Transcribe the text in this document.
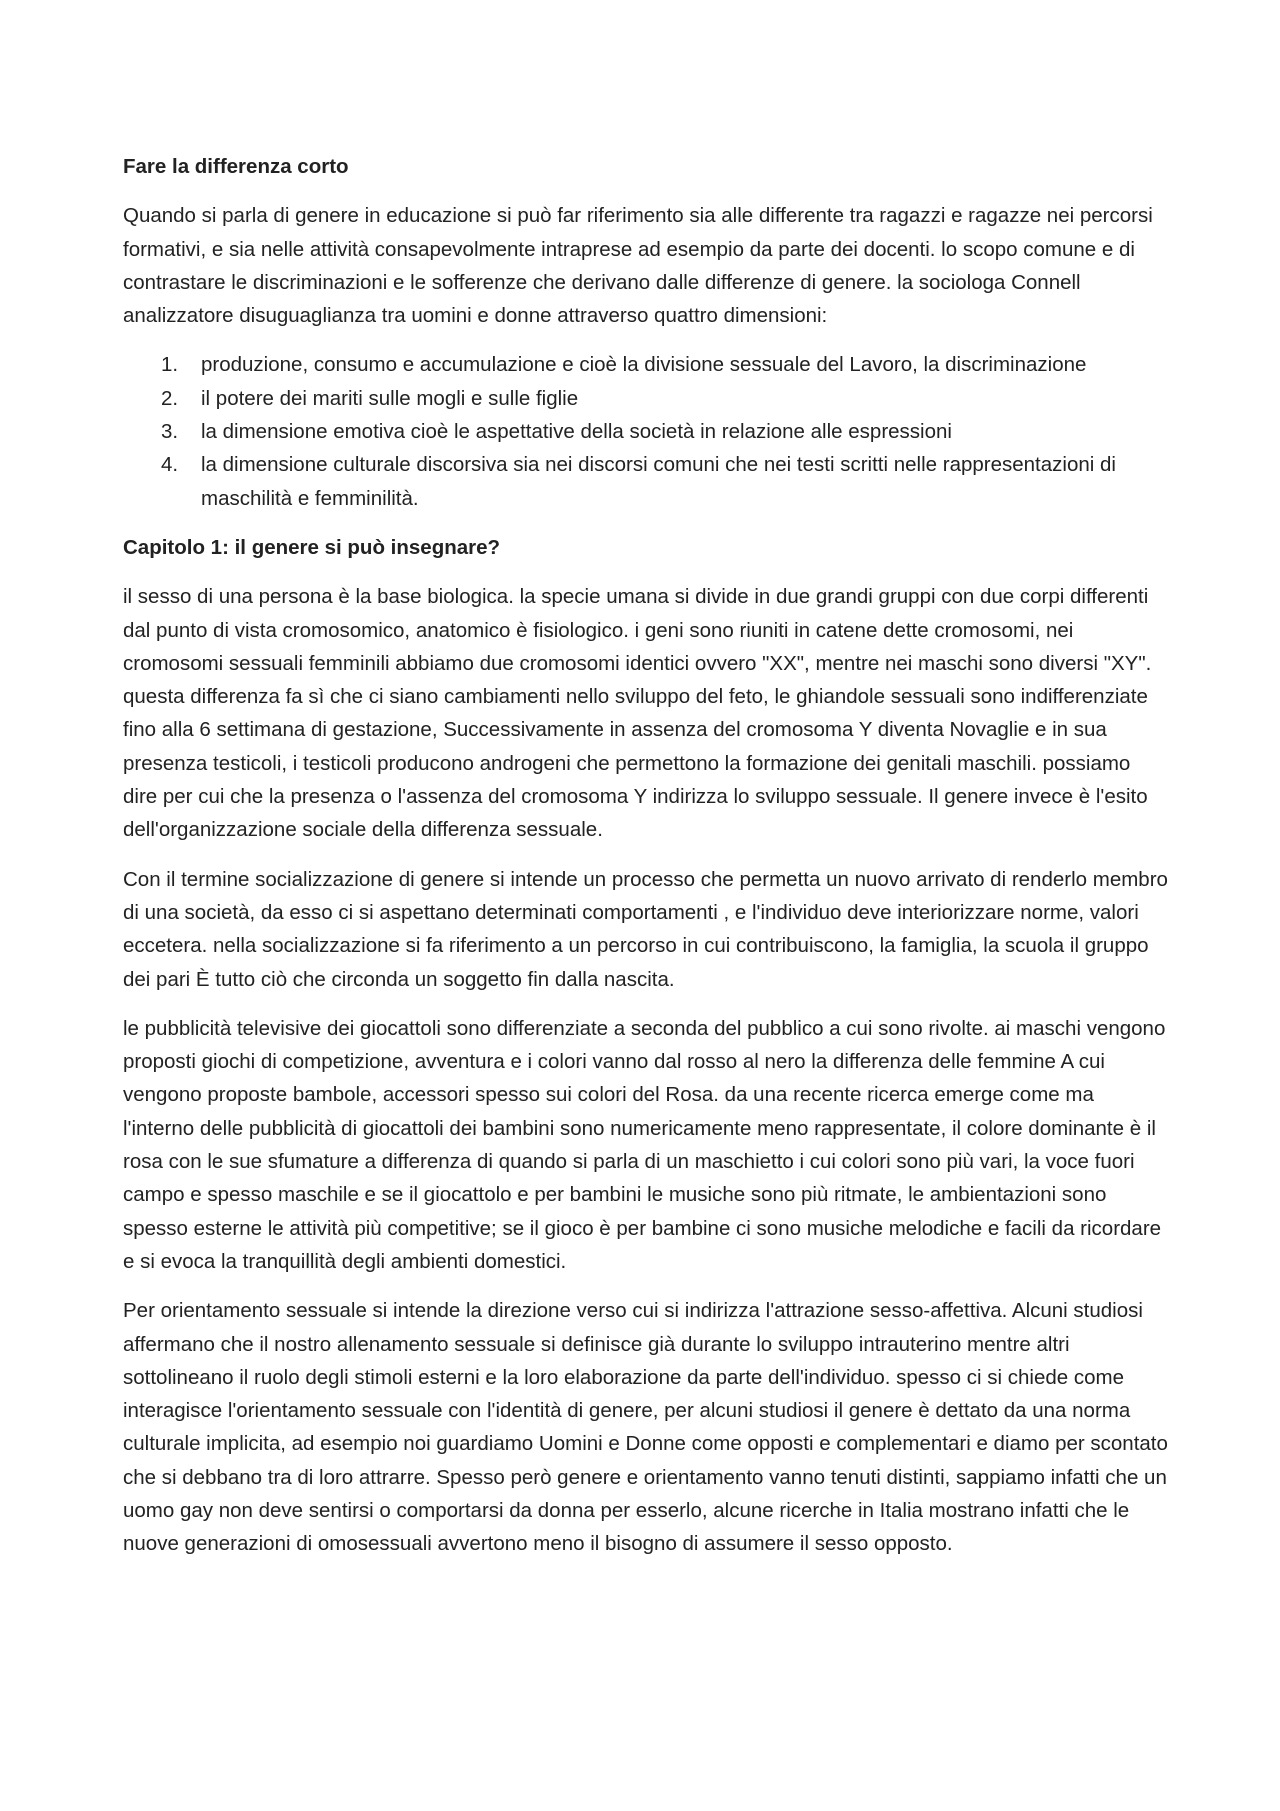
Fare la differenza corto

Quando si parla di genere in educazione si può far riferimento sia alle differente tra ragazzi e ragazze nei percorsi formativi, e sia nelle attività consapevolmente intraprese ad esempio da parte dei docenti. lo scopo comune e di contrastare le discriminazioni e le sofferenze che derivano dalle differenze di genere. la sociologa Connell analizzatore disuguaglianza tra uomini e donne attraverso quattro dimensioni:

1. produzione, consumo e accumulazione e cioè la divisione sessuale del Lavoro, la discriminazione
2. il potere dei mariti sulle mogli e sulle figlie
3. la dimensione emotiva cioè le aspettative della società in relazione alle espressioni
4. la dimensione culturale discorsiva sia nei discorsi comuni che nei testi scritti nelle rappresentazioni di maschilità e femminilità.

Capitolo 1: il genere si può insegnare?

il sesso di una persona è la base biologica. la specie umana si divide in due grandi gruppi con due corpi differenti dal punto di vista cromosomico, anatomico è fisiologico. i geni sono riuniti in catene dette cromosomi, nei cromosomi sessuali femminili abbiamo due cromosomi identici ovvero "XX", mentre nei maschi sono diversi "XY". questa differenza fa sì che ci siano cambiamenti nello sviluppo del feto, le ghiandole sessuali sono indifferenziate fino alla 6 settimana di gestazione, Successivamente in assenza del cromosoma Y diventa Novaglie e in sua presenza testicoli, i testicoli producono androgeni che permettono la formazione dei genitali maschili. possiamo dire per cui che la presenza o l'assenza del cromosoma Y indirizza lo sviluppo sessuale. Il genere invece è l'esito dell'organizzazione sociale della differenza sessuale.

Con il termine socializzazione di genere si intende un processo che permetta un nuovo arrivato di renderlo membro di una società, da esso ci si aspettano determinati comportamenti , e l'individuo deve interiorizzare norme, valori eccetera. nella socializzazione si fa riferimento a un percorso in cui contribuiscono, la famiglia, la scuola il gruppo dei pari È tutto ciò che circonda un soggetto fin dalla nascita.

le pubblicità televisive dei giocattoli sono differenziate a seconda del pubblico a cui sono rivolte. ai maschi vengono proposti giochi di competizione, avventura e i colori vanno dal rosso al nero la differenza delle femmine A cui vengono proposte bambole, accessori spesso sui colori del Rosa. da una recente ricerca emerge come ma l'interno delle pubblicità di giocattoli dei bambini sono numericamente meno rappresentate, il colore dominante è il rosa con le sue sfumature a differenza di quando si parla di un maschietto i cui colori sono più vari, la voce fuori campo e spesso maschile e se il giocattolo e per bambini le musiche sono più ritmate, le ambientazioni sono spesso esterne le attività più competitive; se il gioco è per bambine ci sono musiche melodiche e facili da ricordare e si evoca la tranquillità degli ambienti domestici.

Per orientamento sessuale si intende la direzione verso cui si indirizza l'attrazione sesso-affettiva. Alcuni studiosi affermano che il nostro allenamento sessuale si definisce già durante lo sviluppo intrauterino mentre altri sottolineano il ruolo degli stimoli esterni e la loro elaborazione da parte dell'individuo. spesso ci si chiede come interagisce l'orientamento sessuale con l'identità di genere, per alcuni studiosi il genere è dettato da una norma culturale implicita, ad esempio noi guardiamo Uomini e Donne come opposti e complementari e diamo per scontato che si debbano tra di loro attrarre. Spesso però genere e orientamento vanno tenuti distinti, sappiamo infatti che un uomo gay non deve sentirsi o comportarsi da donna per esserlo, alcune ricerche in Italia mostrano infatti che le nuove generazioni di omosessuali avvertono meno il bisogno di assumere il sesso opposto.
